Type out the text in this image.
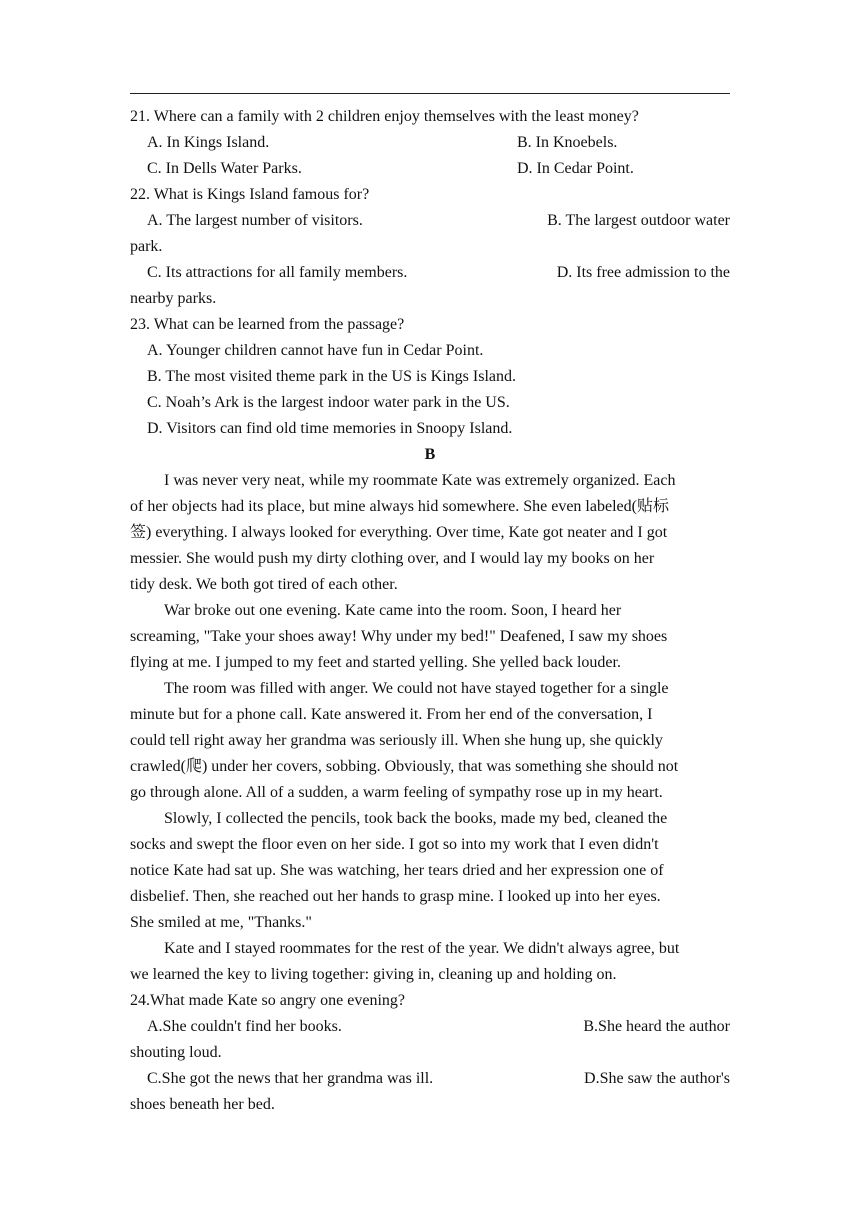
21. Where can a family with 2 children enjoy themselves with the least money?
A. In Kings Island.	B. In Knoebels.
C. In Dells Water Parks.	D. In Cedar Point.
22. What is Kings Island famous for?
A. The largest number of visitors.	B. The largest outdoor water
park.
C. Its attractions for all family members.	D. Its free admission to the
nearby parks.
23. What can be learned from the passage?
A. Younger children cannot have fun in Cedar Point.
B. The most visited theme park in the US is Kings Island.
C. Noah’s Ark is the largest indoor water park in the US.
D. Visitors can find old time memories in Snoopy Island.
B
I was never very neat, while my roommate Kate was extremely organized. Each
of her objects had its place, but mine always hid somewhere. She even labeled(贴标
签) everything. I always looked for everything. Over time, Kate got neater and I got
messier. She would push my dirty clothing over, and I would lay my books on her
tidy desk. We both got tired of each other.
War broke out one evening. Kate came into the room. Soon, I heard her
screaming, "Take your shoes away! Why under my bed!" Deafened, I saw my shoes
flying at me. I jumped to my feet and started yelling. She yelled back louder.
The room was filled with anger. We could not have stayed together for a single
minute but for a phone call. Kate answered it. From her end of the conversation, I
could tell right away her grandma was seriously ill. When she hung up, she quickly
crawled(爬) under her covers, sobbing. Obviously, that was something she should not
go through alone. All of a sudden, a warm feeling of sympathy rose up in my heart.
Slowly, I collected the pencils, took back the books, made my bed, cleaned the
socks and swept the floor even on her side. I got so into my work that I even didn't
notice Kate had sat up. She was watching, her tears dried and her expression one of
disbelief. Then, she reached out her hands to grasp mine. I looked up into her eyes.
She smiled at me, "Thanks."
Kate and I stayed roommates for the rest of the year. We didn't always agree, but
we learned the key to living together: giving in, cleaning up and holding on.
24.What made Kate so angry one evening?
A.She couldn't find her books.	B.She heard the author
shouting loud.
C.She got the news that her grandma was ill.	D.She saw the author's
shoes beneath her bed.
